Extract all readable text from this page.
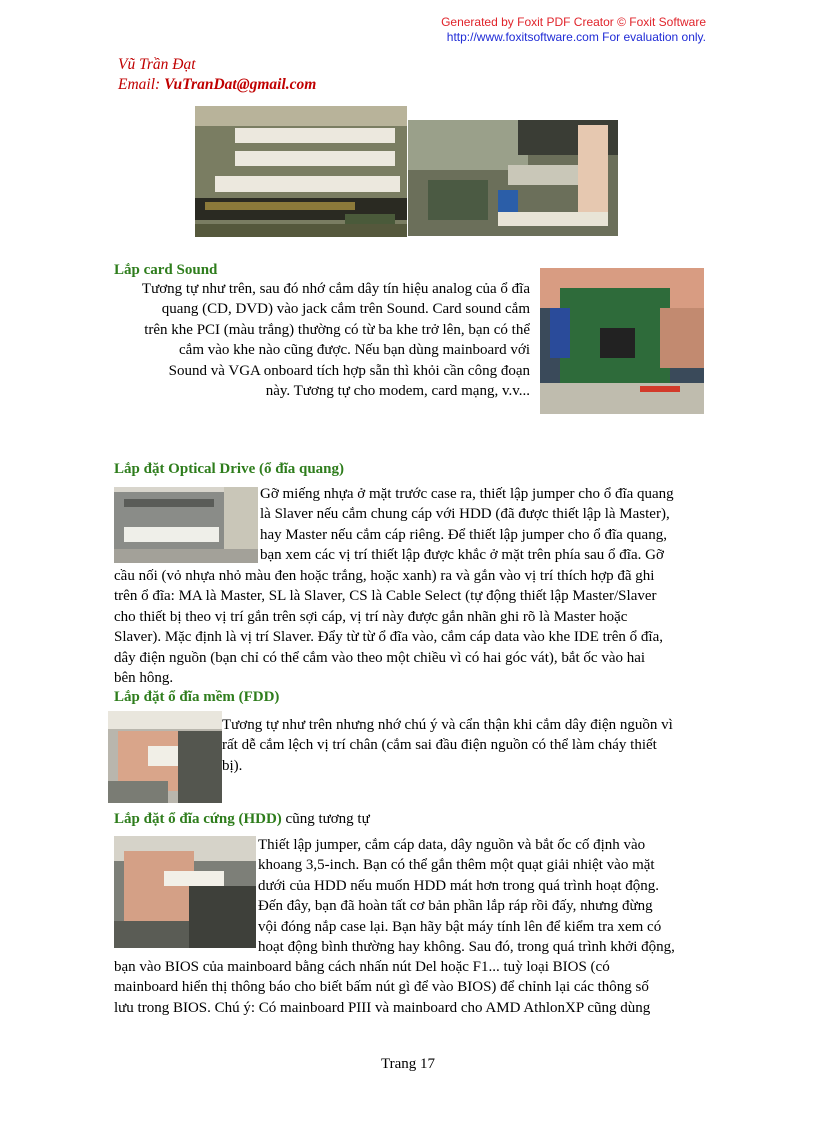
Generated by Foxit PDF Creator © Foxit Software
http://www.foxitsoftware.com For evaluation only.
Vũ Trần Đạt
Email: VuTranDat@gmail.com
Lắp card Sound
Tương tự như trên, sau đó nhớ cắm dây tín hiệu analog của ổ đĩa
quang (CD, DVD) vào jack cắm trên Sound. Card sound cắm
trên khe PCI (màu trắng) thường có từ ba khe trở lên, bạn có thể
cắm vào khe nào cũng được. Nếu bạn dùng mainboard với
Sound và VGA onboard tích hợp sẵn thì khỏi cần công đoạn
này. Tương tự cho modem, card mạng, v.v...
Lắp đặt Optical Drive (ổ đĩa quang)
Gỡ miếng nhựa ở mặt trước case ra, thiết lập jumper cho ổ đĩa quang
là Slaver nếu cắm chung cáp với HDD (đã được thiết lập là Master),
hay Master nếu cắm cáp riêng. Để thiết lập jumper cho ổ đĩa quang,
bạn xem các vị trí thiết lập được khắc ở mặt trên phía sau ổ đĩa. Gỡ
cầu nối (vỏ nhựa nhỏ màu đen hoặc trắng, hoặc xanh) ra và gắn vào vị trí thích hợp đã ghi
trên ổ đĩa: MA là Master, SL là Slaver, CS là Cable Select (tự động thiết lập Master/Slaver
cho thiết bị theo vị trí gắn trên sợi cáp, vị trí này được gắn nhãn ghi rõ là Master hoặc
Slaver). Mặc định là vị trí Slaver. Đẩy từ từ ổ đĩa vào, cắm cáp data vào khe IDE trên ổ đĩa,
dây điện nguồn (bạn chỉ có thể cắm vào theo một chiều vì có hai góc vát), bắt ốc vào hai
bên hông.
Lắp đặt ổ đĩa mềm (FDD)
Tương tự như trên nhưng nhớ chú ý và cẩn thận khi cắm dây điện nguồn vì
rất dễ cắm lệch vị trí chân (cắm sai đầu điện nguồn có thể làm cháy thiết
bị).
Lắp đặt ổ đĩa cứng (HDD) cũng tương tự
Thiết lập jumper, cắm cáp data, dây nguồn và bắt ốc cố định vào
khoang 3,5-inch. Bạn có thể gắn thêm một quạt giải nhiệt vào mặt
dưới của HDD nếu muốn HDD mát hơn trong quá trình hoạt động.
Đến đây, bạn đã hoàn tất cơ bản phần lắp ráp rồi đấy, nhưng đừng
vội đóng nắp case lại. Bạn hãy bật máy tính lên để kiểm tra xem có
hoạt động bình thường hay không. Sau đó, trong quá trình khởi động,
bạn vào BIOS của mainboard bằng cách nhấn nút Del hoặc F1... tuỳ loại BIOS (có
mainboard hiển thị thông báo cho biết bấm nút gì để vào BIOS) để chỉnh lại các thông số
lưu trong BIOS. Chú ý: Có mainboard PIII và mainboard cho AMD AthlonXP cũng dùng
Trang 17
